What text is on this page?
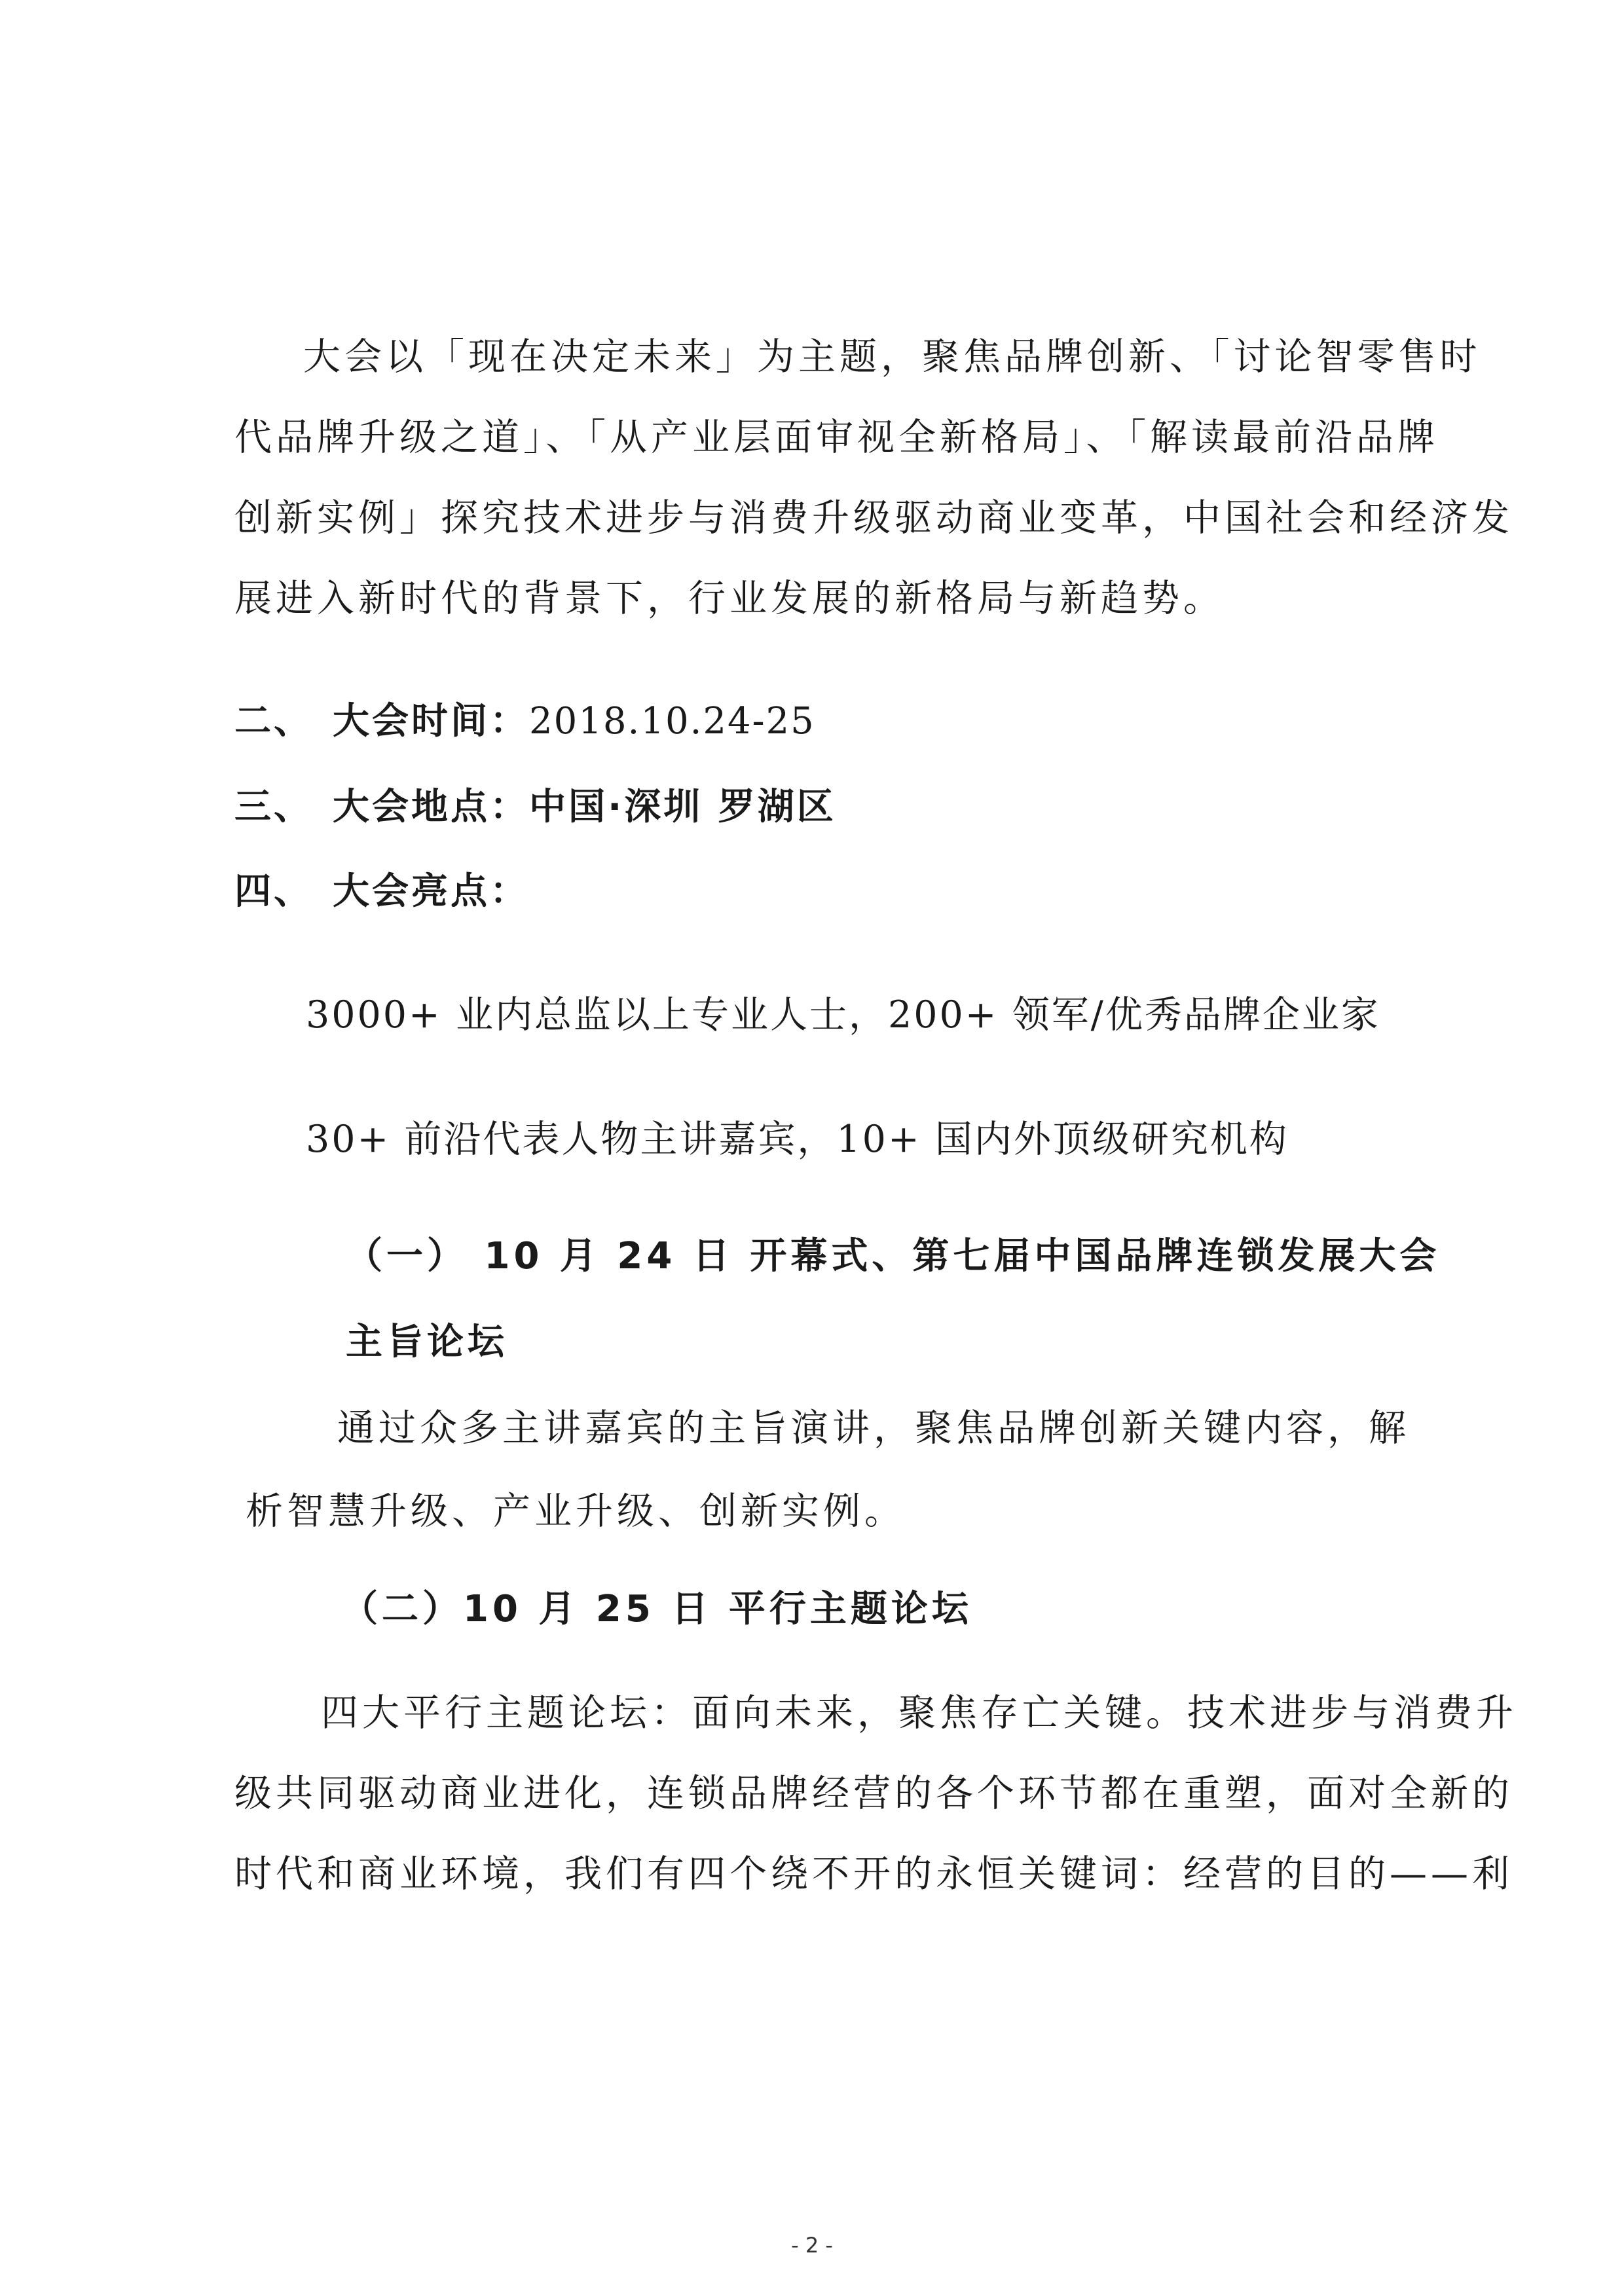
大会以「现在决定未来」为主题，聚焦品牌创新、「讨论智零售时
代品牌升级之道」、「从产业层面审视全新格局」、「解读最前沿品牌
创新实例」探究技术进步与消费升级驱动商业变革，中国社会和经济发
展进入新时代的背景下，行业发展的新格局与新趋势。
二、 大会时间：2018.10.24-25
三、 大会地点：中国·深圳 罗湖区
四、 大会亮点：
3000+ 业内总监以上专业人士，200+ 领军/优秀品牌企业家
30+ 前沿代表人物主讲嘉宾，10+ 国内外顶级研究机构
（一） 10 月 24 日 开幕式、第七届中国品牌连锁发展大会
主旨论坛
通过众多主讲嘉宾的主旨演讲，聚焦品牌创新关键内容，解
析智慧升级、产业升级、创新实例。
（二）10 月 25 日 平行主题论坛
四大平行主题论坛：面向未来，聚焦存亡关键。技术进步与消费升
级共同驱动商业进化，连锁品牌经营的各个环节都在重塑，面对全新的
时代和商业环境，我们有四个绕不开的永恒关键词：经营的目的——利
- 2 -
